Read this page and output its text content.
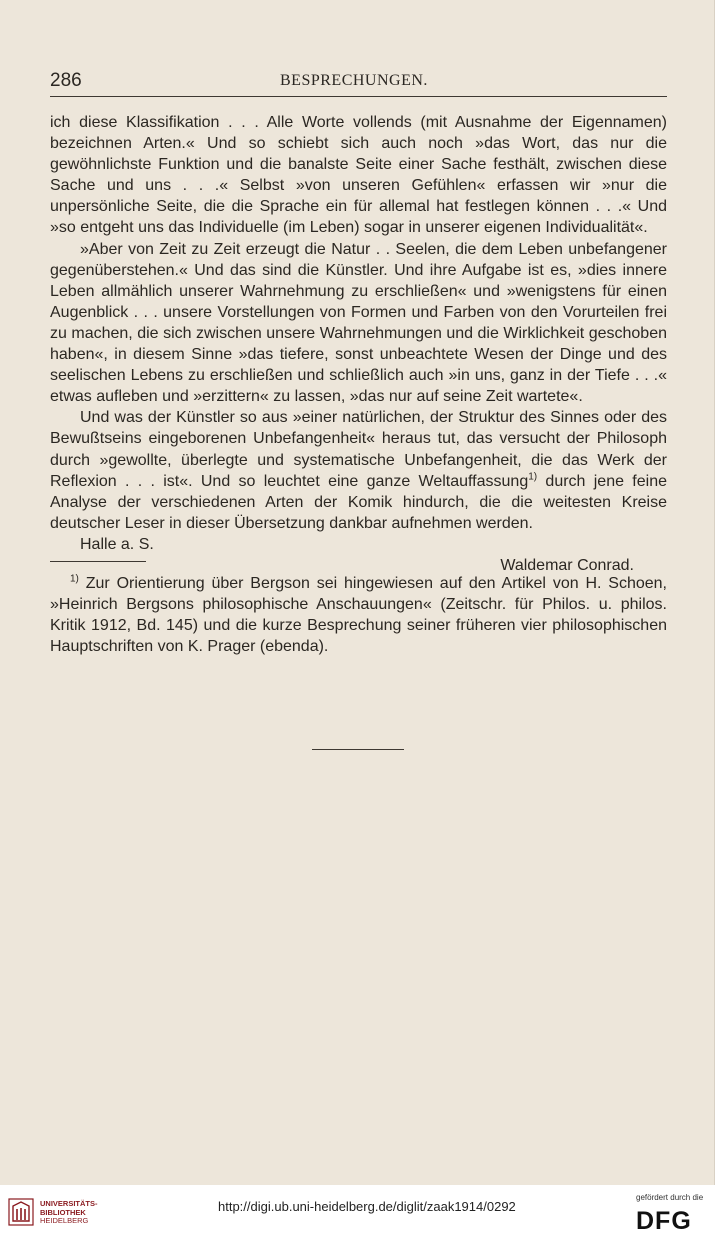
286	BESPRECHUNGEN.

ich diese Klassifikation . . . Alle Worte vollends (mit Ausnahme der Eigennamen) bezeichnen Arten.« Und so schiebt sich auch noch »das Wort, das nur die gewöhnlichste Funktion und die banalste Seite einer Sache festhält, zwischen diese Sache und uns . . .« Selbst »von unseren Gefühlen« erfassen wir »nur die unpersönliche Seite, die die Sprache ein für allemal hat festlegen können . . .« Und »so entgeht uns das Individuelle (im Leben) sogar in unserer eigenen Individualität«.

»Aber von Zeit zu Zeit erzeugt die Natur . . Seelen, die dem Leben unbefangener gegenüberstehen.« Und das sind die Künstler. Und ihre Aufgabe ist es, »dies innere Leben allmählich unserer Wahrnehmung zu erschließen« und »wenigstens für einen Augenblick . . . unsere Vorstellungen von Formen und Farben von den Vorurteilen frei zu machen, die sich zwischen unsere Wahrnehmungen und die Wirklichkeit geschoben haben«, in diesem Sinne »das tiefere, sonst unbeachtete Wesen der Dinge und des seelischen Lebens zu erschließen und schließlich auch »in uns, ganz in der Tiefe . . .« etwas aufleben und »erzittern« zu lassen, »das nur auf seine Zeit wartete«.

Und was der Künstler so aus »einer natürlichen, der Struktur des Sinnes oder des Bewußtseins eingeborenen Unbefangenheit« heraus tut, das versucht der Philosoph durch »gewollte, überlegte und systematische Unbefangenheit, die das Werk der Reflexion . . . ist«. Und so leuchtet eine ganze Weltauffassung$^{1)}$ durch jene feine Analyse der verschiedenen Arten der Komik hindurch, die die weitesten Kreise deutscher Leser in dieser Übersetzung dankbar aufnehmen werden.

Halle a. S.

Waldemar Conrad.

$^{1)}$ Zur Orientierung über Bergson sei hingewiesen auf den Artikel von H. Schoen, »Heinrich Bergsons philosophische Anschauungen« (Zeitschr. für Philos. u. philos. Kritik 1912, Bd. 145) und die kurze Besprechung seiner früheren vier philosophischen Hauptschriften von K. Prager (ebenda).

UNIVERSITÄTS-
BIBLIOTHEK
HEIDELBERG
http://digi.ub.uni-heidelberg.de/diglit/zaak1914/0292
gefördert durch die
DFG
